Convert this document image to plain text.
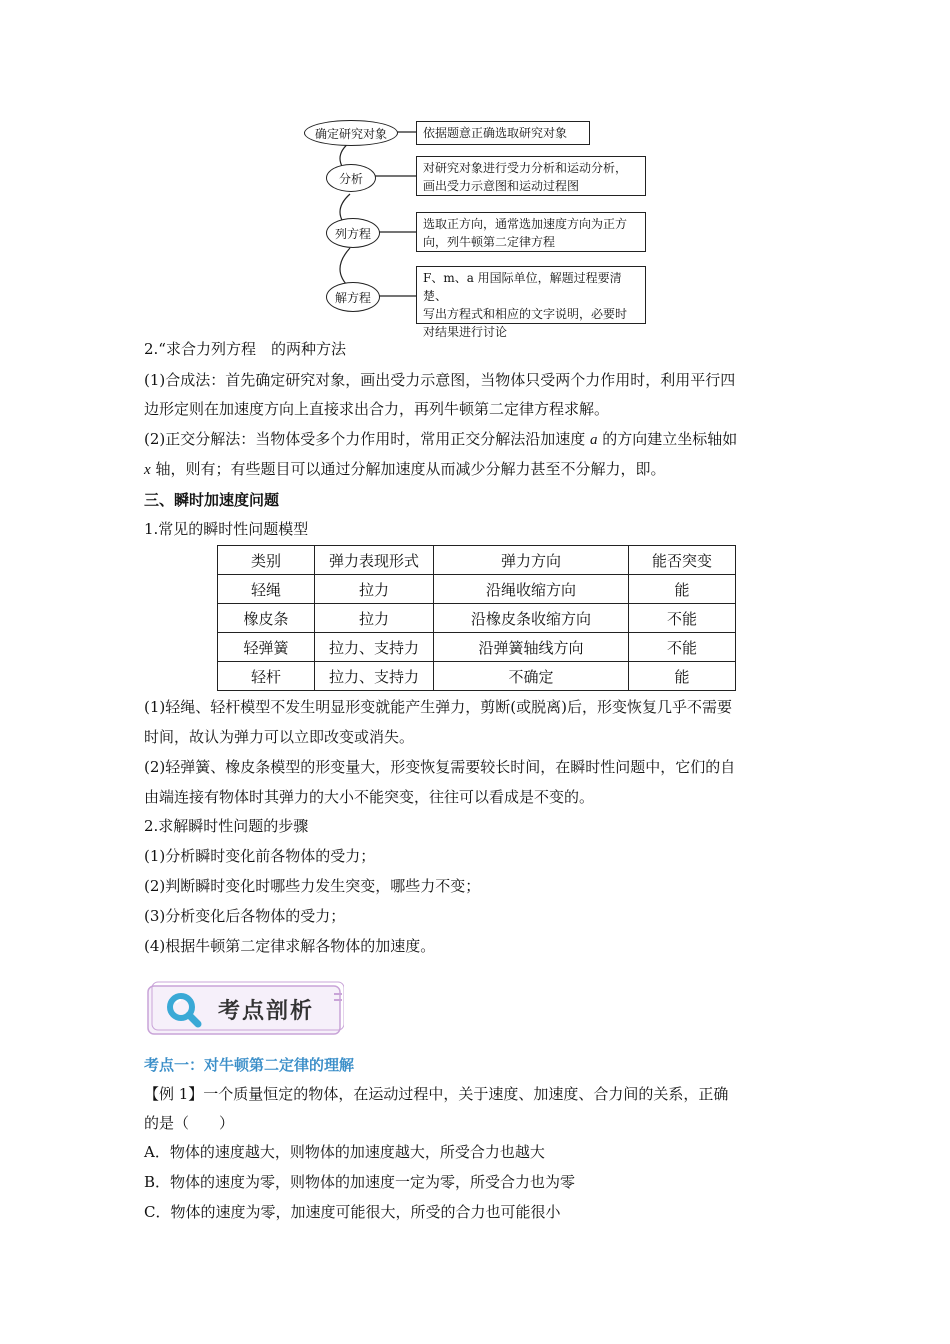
确定研究对象
分析
列方程
解方程
依据题意正确选取研究对象
对研究对象进行受力分析和运动分析，
画出受力示意图和运动过程图
选取正方向，通常选加速度方向为正方
向，列牛顿第二定律方程
F、m、a 用国际单位，解题过程要清楚、
写出方程式和相应的文字说明，必要时
对结果进行讨论
2.“求合力列方程　的两种方法
(1)合成法：首先确定研究对象，画出受力示意图，当物体只受两个力作用时，利用平行四
边形定则在加速度方向上直接求出合力，再列牛顿第二定律方程求解。
(2)正交分解法：当物体受多个力作用时，常用正交分解法沿加速度 a 的方向建立坐标轴如
x 轴，则有；有些题目可以通过分解加速度从而减少分解力甚至不分解力，即。
三、瞬时加速度问题
1.常见的瞬时性问题模型
类别	弹力表现形式	弹力方向	能否突变
轻绳	拉力	沿绳收缩方向	能
橡皮条	拉力	沿橡皮条收缩方向	不能
轻弹簧	拉力、支持力	沿弹簧轴线方向	不能
轻杆	拉力、支持力	不确定	能
(1)轻绳、轻杆模型不发生明显形变就能产生弹力，剪断(或脱离)后，形变恢复几乎不需要
时间，故认为弹力可以立即改变或消失。
(2)轻弹簧、橡皮条模型的形变量大，形变恢复需要较长时间，在瞬时性问题中，它们的自
由端连接有物体时其弹力的大小不能突变，往往可以看成是不变的。
2.求解瞬时性问题的步骤
(1)分析瞬时变化前各物体的受力；
(2)判断瞬时变化时哪些力发生突变，哪些力不变；
(3)分析变化后各物体的受力；
(4)根据牛顿第二定律求解各物体的加速度。
考点剖析
考点一：对牛顿第二定律的理解
【例 1】一个质量恒定的物体，在运动过程中，关于速度、加速度、合力间的关系，正确
的是（　　）
A．物体的速度越大，则物体的加速度越大，所受合力也越大
B．物体的速度为零，则物体的加速度一定为零，所受合力也为零
C．物体的速度为零，加速度可能很大，所受的合力也可能很小
